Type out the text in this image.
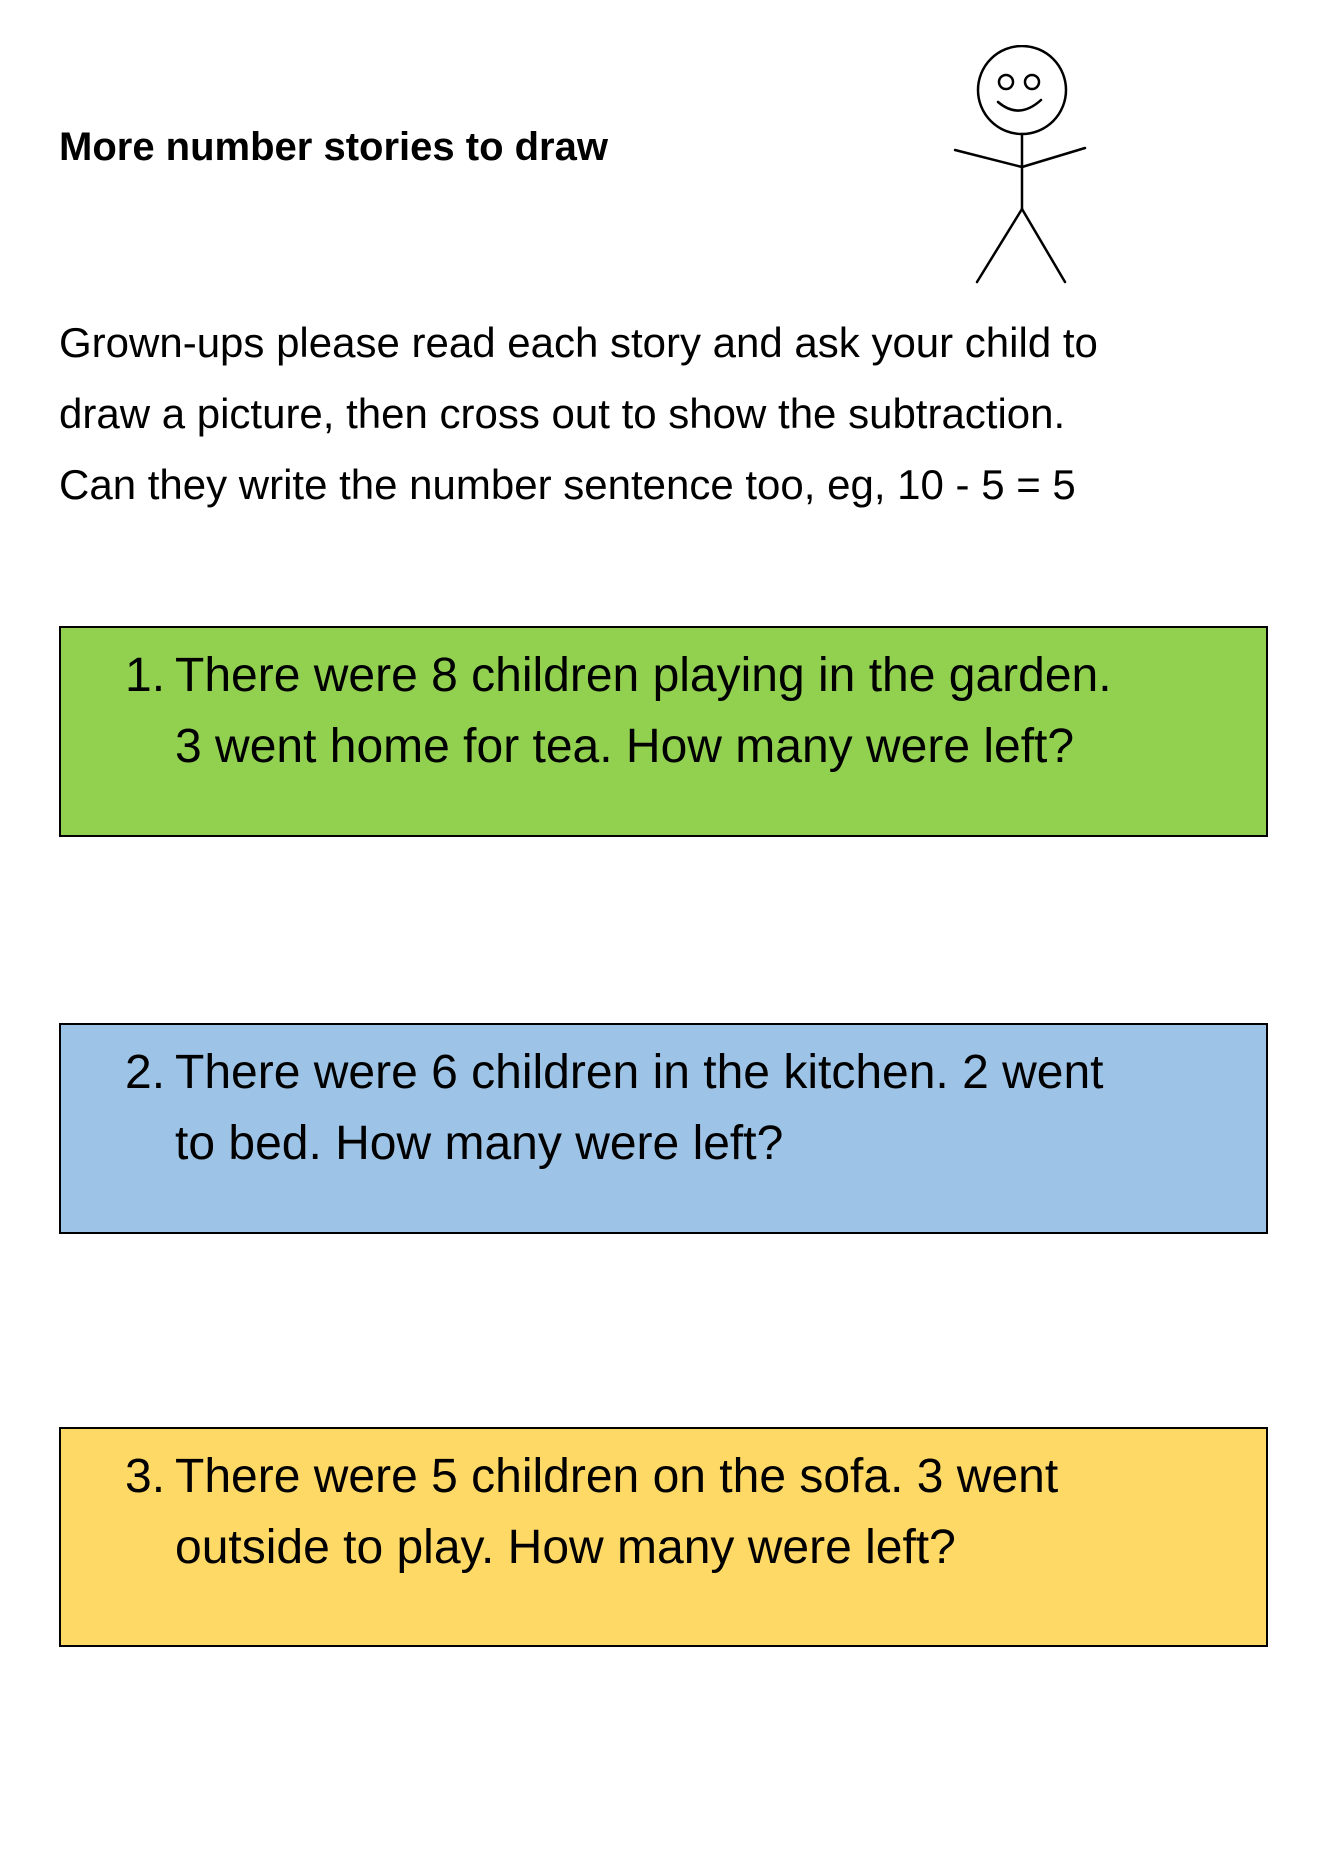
More number stories to draw
Grown-ups please read each story and ask your child to
draw a picture, then cross out to show the subtraction.
Can they write the number sentence too, eg, 10 - 5 = 5
1. There were 8 children playing in the garden.
3 went home for tea. How many were left?
2. There were 6 children in the kitchen. 2 went
to bed. How many were left?
3. There were 5 children on the sofa. 3 went
outside to play. How many were left?
